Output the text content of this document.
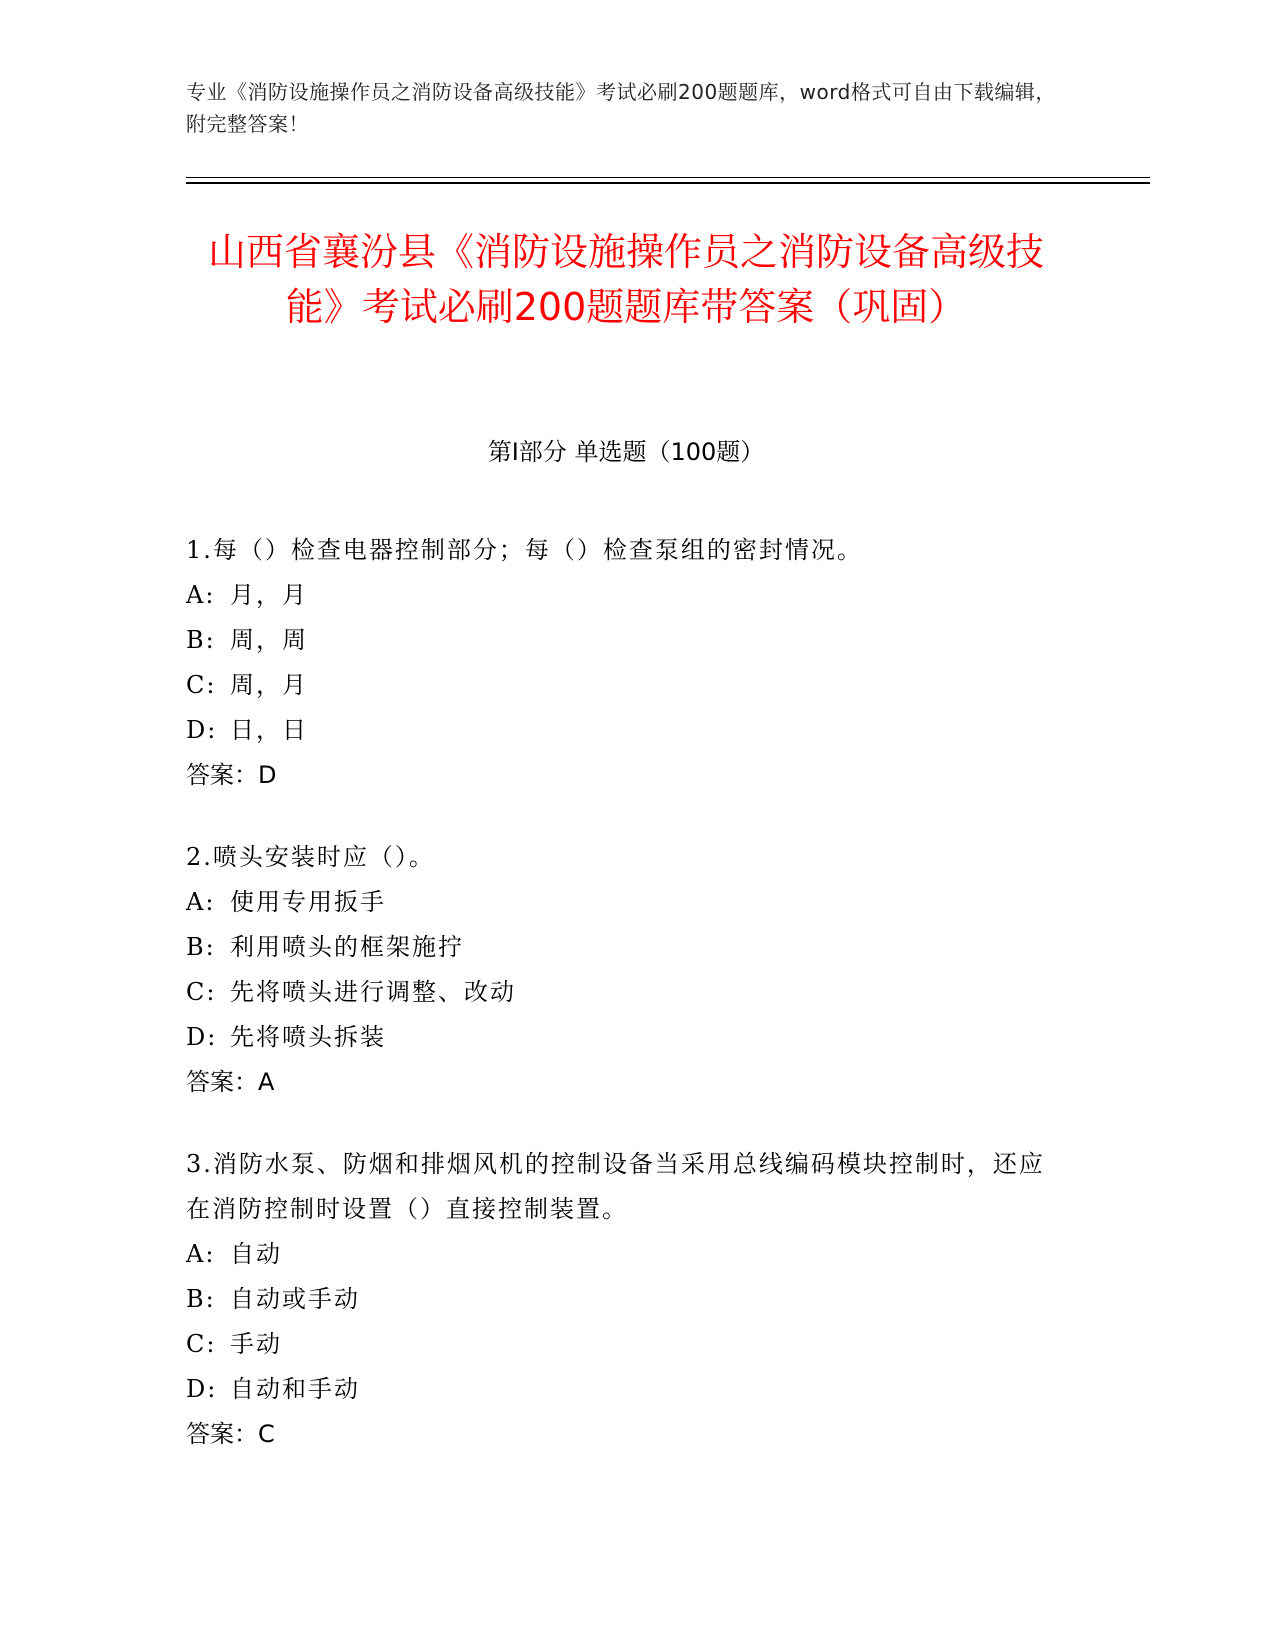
专业《消防设施操作员之消防设备高级技能》考试必刷200题题库，word格式可自由下载编辑，附完整答案！
山西省襄汾县《消防设施操作员之消防设备高级技能》考试必刷200题题库带答案（巩固）
第Ⅰ部分 单选题（100题）

1.每（）检查电器控制部分；每（）检查泵组的密封情况。

A: 月，月

B: 周，周

C: 周，月

D: 日，日

答案：D

2.喷头安装时应（）。

A: 使用专用扳手

B: 利用喷头的框架施拧

C: 先将喷头进行调整、改动

D: 先将喷头拆装

答案：A

3.消防水泵、防烟和排烟风机的控制设备当采用总线编码模块控制时，还应在消防控制时设置（）直接控制装置。

A: 自动

B: 自动或手动

C: 手动

D: 自动和手动

答案：C
